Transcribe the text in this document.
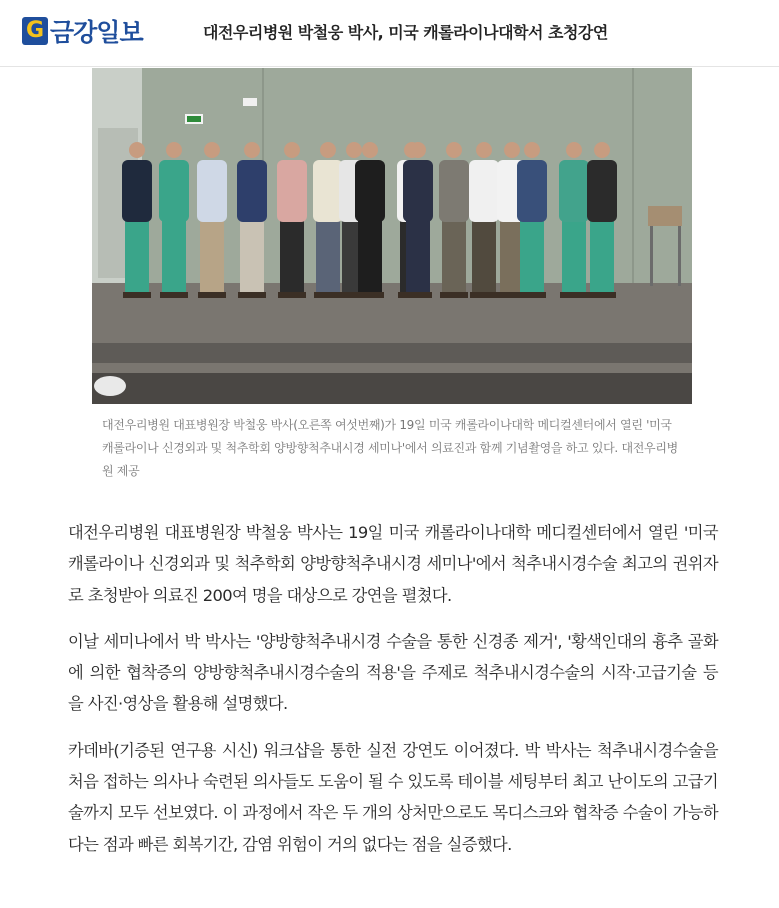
G 금강일보	대전우리병원 박철웅 박사, 미국 캐롤라이나대학서 초청강연
대전우리병원 대표병원장 박철웅 박사(오른쪽 여섯번째)가 19일 미국 캐롤라이나대학 메디컬센터에서 열린 '미국 캐롤라이나 신경외과 및 척추학회 양방향척추내시경 세미나'에서 의료진과 함께 기념촬영을 하고 있다. 대전우리병원 제공

대전우리병원 대표병원장 박철웅 박사는 19일 미국 캐롤라이나대학 메디컬센터에서 열린 '미국 캐롤라이나 신경외과 및 척추학회 양방향척추내시경 세미나'에서 척추내시경수술 최고의 권위자로 초청받아 의료진 200여 명을 대상으로 강연을 펼쳤다.

이날 세미나에서 박 박사는 '양방향척추내시경 수술을 통한 신경종 제거', '황색인대의 흉추 골화에 의한 협착증의 양방향척추내시경수술의 적용'을 주제로 척추내시경수술의 시작·고급기술 등을 사진·영상을 활용해 설명했다.

카데바(기증된 연구용 시신) 워크샵을 통한 실전 강연도 이어졌다. 박 박사는 척추내시경수술을 처음 접하는 의사나 숙련된 의사들도 도움이 될 수 있도록 테이블 세팅부터 최고 난이도의 고급기술까지 모두 선보였다. 이 과정에서 작은 두 개의 상처만으로도 목디스크와 협착증 수술이 가능하다는 점과 빠른 회복기간, 감염 위험이 거의 없다는 점을 실증했다.
